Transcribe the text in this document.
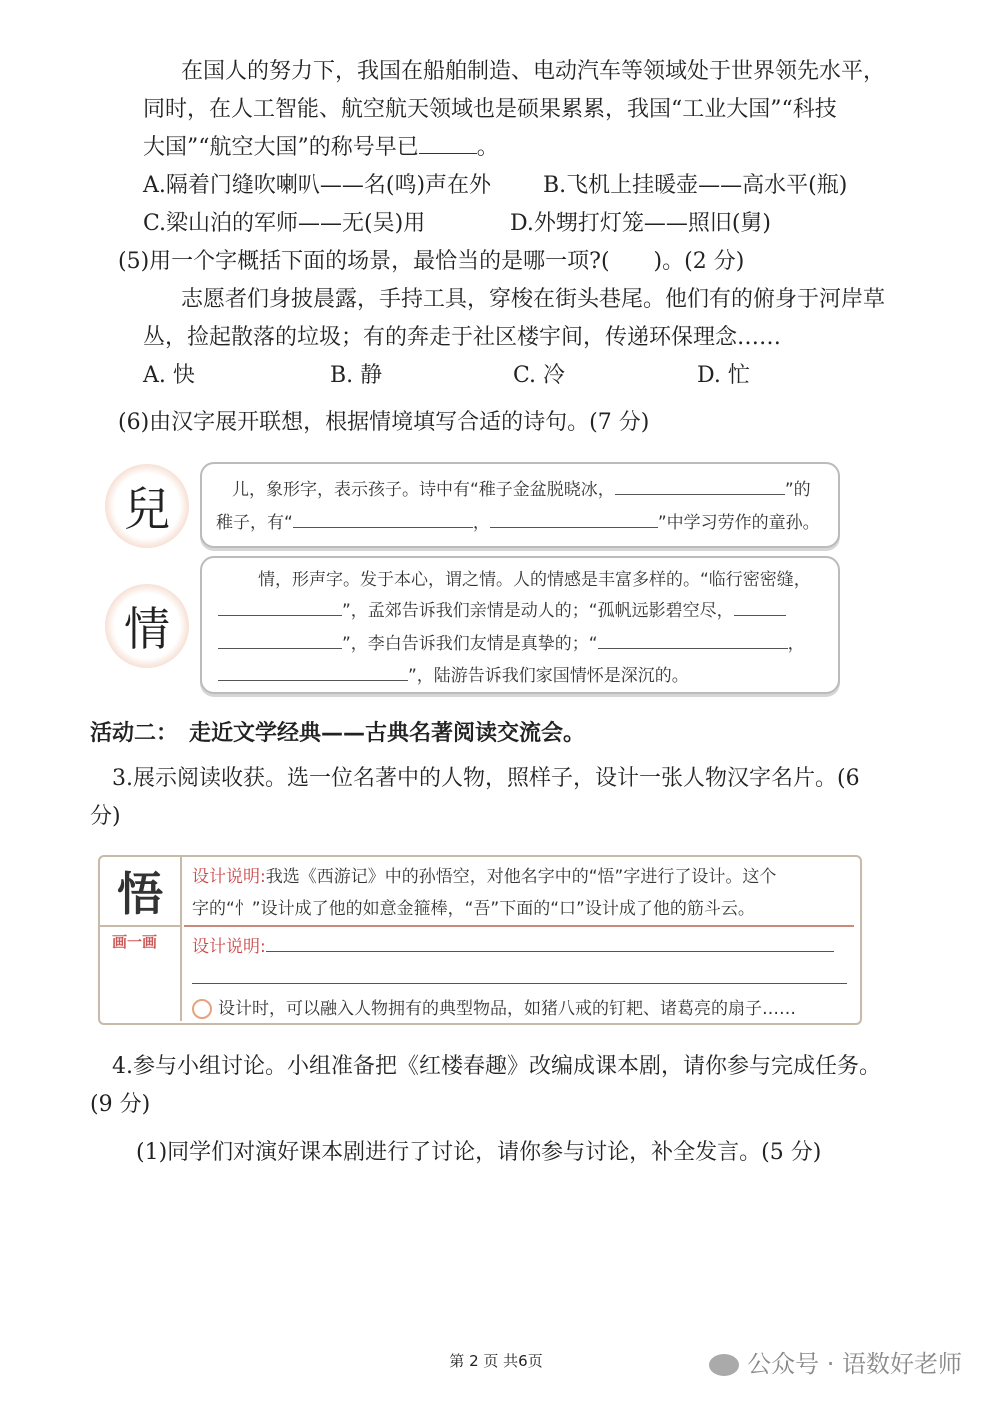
在国人的努力下，我国在船舶制造、电动汽车等领域处于世界领先水平，
同时，在人工智能、航空航天领域也是硕果累累，我国“工业大国”“科技
大国”“航空大国”的称号早已	。
A.隔着门缝吹喇叭——名(鸣)声在外 B.飞机上挂暖壶——高水平(瓶)
C.梁山泊的军师——无(吴)用	D.外甥打灯笼——照旧(舅)
(5)用一个字概括下面的场景，最恰当的是哪一项?(　　)。(2 分)
志愿者们身披晨露，手持工具，穿梭在街头巷尾。他们有的俯身于河岸草
丛，捡起散落的垃圾；有的奔走于社区楼宇间，传递环保理念……
A. 快	B. 静	C. 冷	D. 忙
(6)由汉字展开联想，根据情境填写合适的诗句。(7 分)
兒	儿，象形字，表示孩子。诗中有“稚子金盆脱晓冰，	”的
稚子，有“	，	”中学习劳作的童孙。
情
情，形声字。发于本心，谓之情。人的情感是丰富多样的。“临行密密缝，
”，孟郊告诉我们亲情是动人的；“孤帆远影碧空尽，
”，李白告诉我们友情是真挚的；“	，
”，陆游告诉我们家国情怀是深沉的。
活动二：　走近文学经典——古典名著阅读交流会。
3.展示阅读收获。选一位名著中的人物，照样子，设计一张人物汉字名片。(6
分)
悟
画一画
设计说明:我选《西游记》中的孙悟空，对他名字中的“悟”字进行了设计。这个
字的“忄”设计成了他的如意金箍棒，“吾”下面的“口”设计成了他的筋斗云。
设计说明:
设计时，可以融入人物拥有的典型物品，如猪八戒的钉耙、诸葛亮的扇子……
4.参与小组讨论。小组准备把《红楼春趣》改编成课本剧，请你参与完成任务。
(9 分)
(1)同学们对演好课本剧进行了讨论，请你参与讨论，补全发言。(5 分)
第 2 页 共6页	公众号 · 语数好老师
